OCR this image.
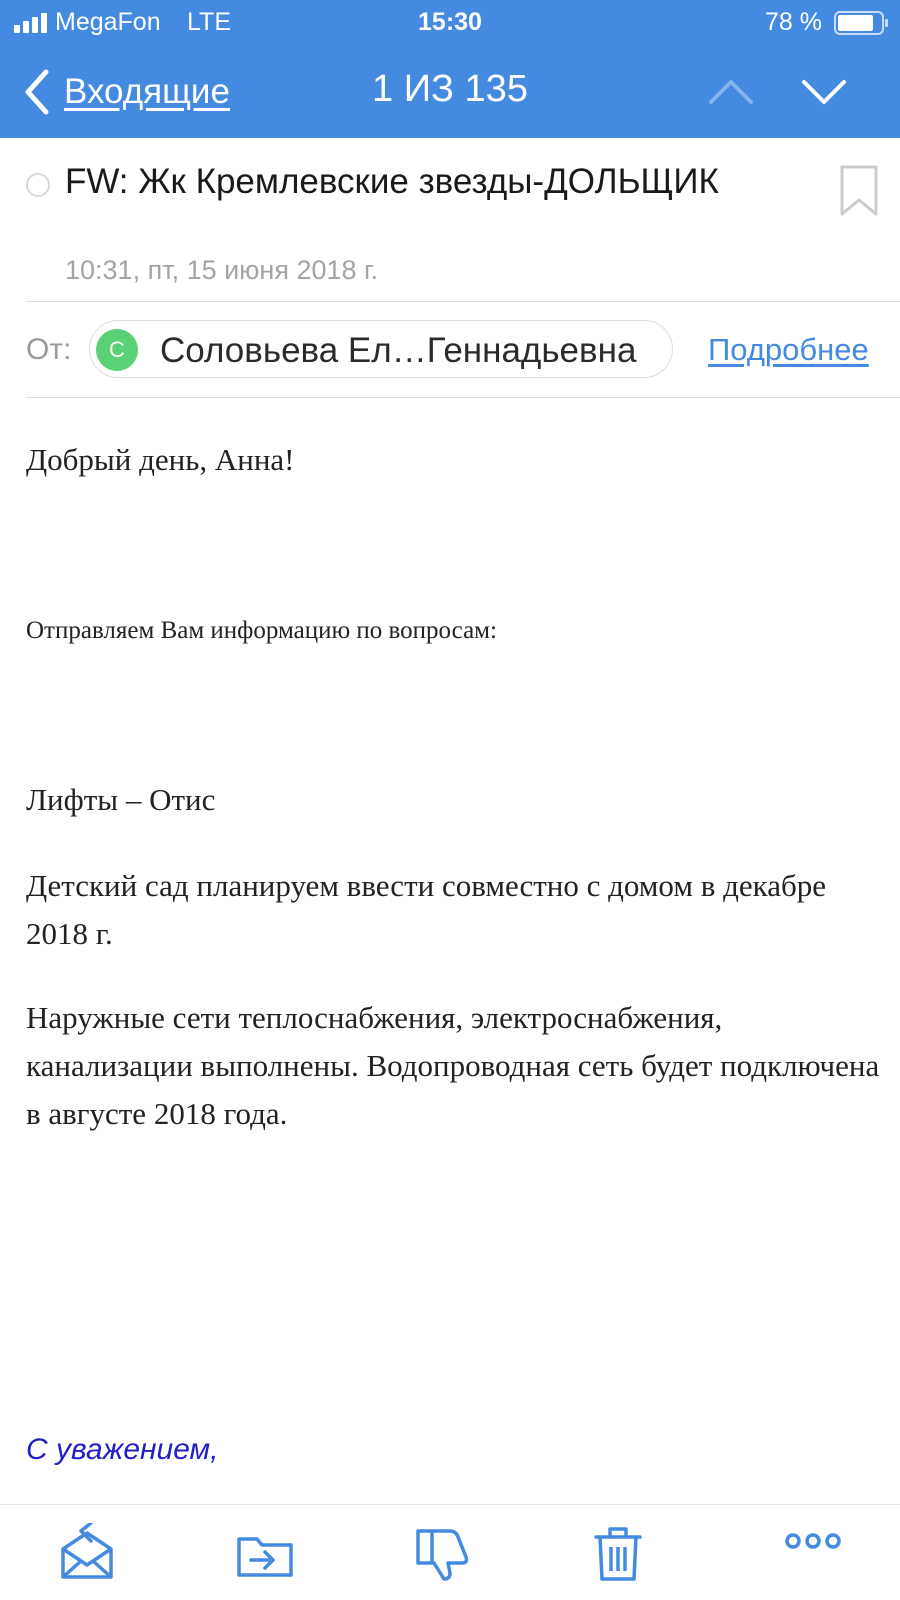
MegaFon LTE	15:30	78 %
Входящие	1 ИЗ 135
FW: Жк Кремлевские звезды-ДОЛЬЩИК
10:31, пт, 15 июня 2018 г.
От:	С	Соловьева Ел…Геннадьевна Подробнее
Добрый день, Анна!
Отправляем Вам информацию по вопросам:
Лифты – Отис
Детский сад планируем ввести совместно с домом в декабре 2018 г.
Наружные сети теплоснабжения, электроснабжения, канализации выполнены. Водопроводная сеть будет подключена в августе 2018 года.
С уважением,
